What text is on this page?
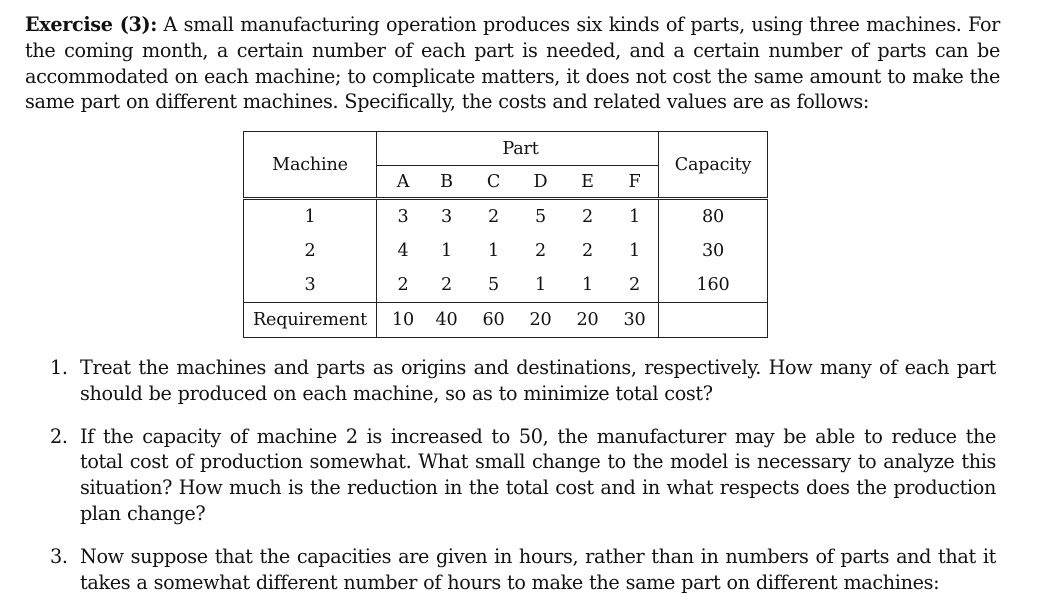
Exercise (3): A small manufacturing operation produces six kinds of parts, using three machines. For the coming month, a certain number of each part is needed, and a certain number of parts can be accommodated on each machine; to complicate matters, it does not cost the same amount to make the same part on different machines. Specifically, the costs and related values are as follows:
Machine	Part						Capacity
	A	B	C	D	E	F	
1	3	3	2	5	2	1	80
2	4	1	1	2	2	1	30
3	2	2	5	1	1	2	160
Requirement	10	40	60	20	20	30	
1. Treat the machines and parts as origins and destinations, respectively. How many of each part should be produced on each machine, so as to minimize total cost?
2. If the capacity of machine 2 is increased to 50, the manufacturer may be able to reduce the total cost of production somewhat. What small change to the model is necessary to analyze this situation? How much is the reduction in the total cost and in what respects does the production plan change?
3. Now suppose that the capacities are given in hours, rather than in numbers of parts and that it takes a somewhat different number of hours to make the same part on different machines:
